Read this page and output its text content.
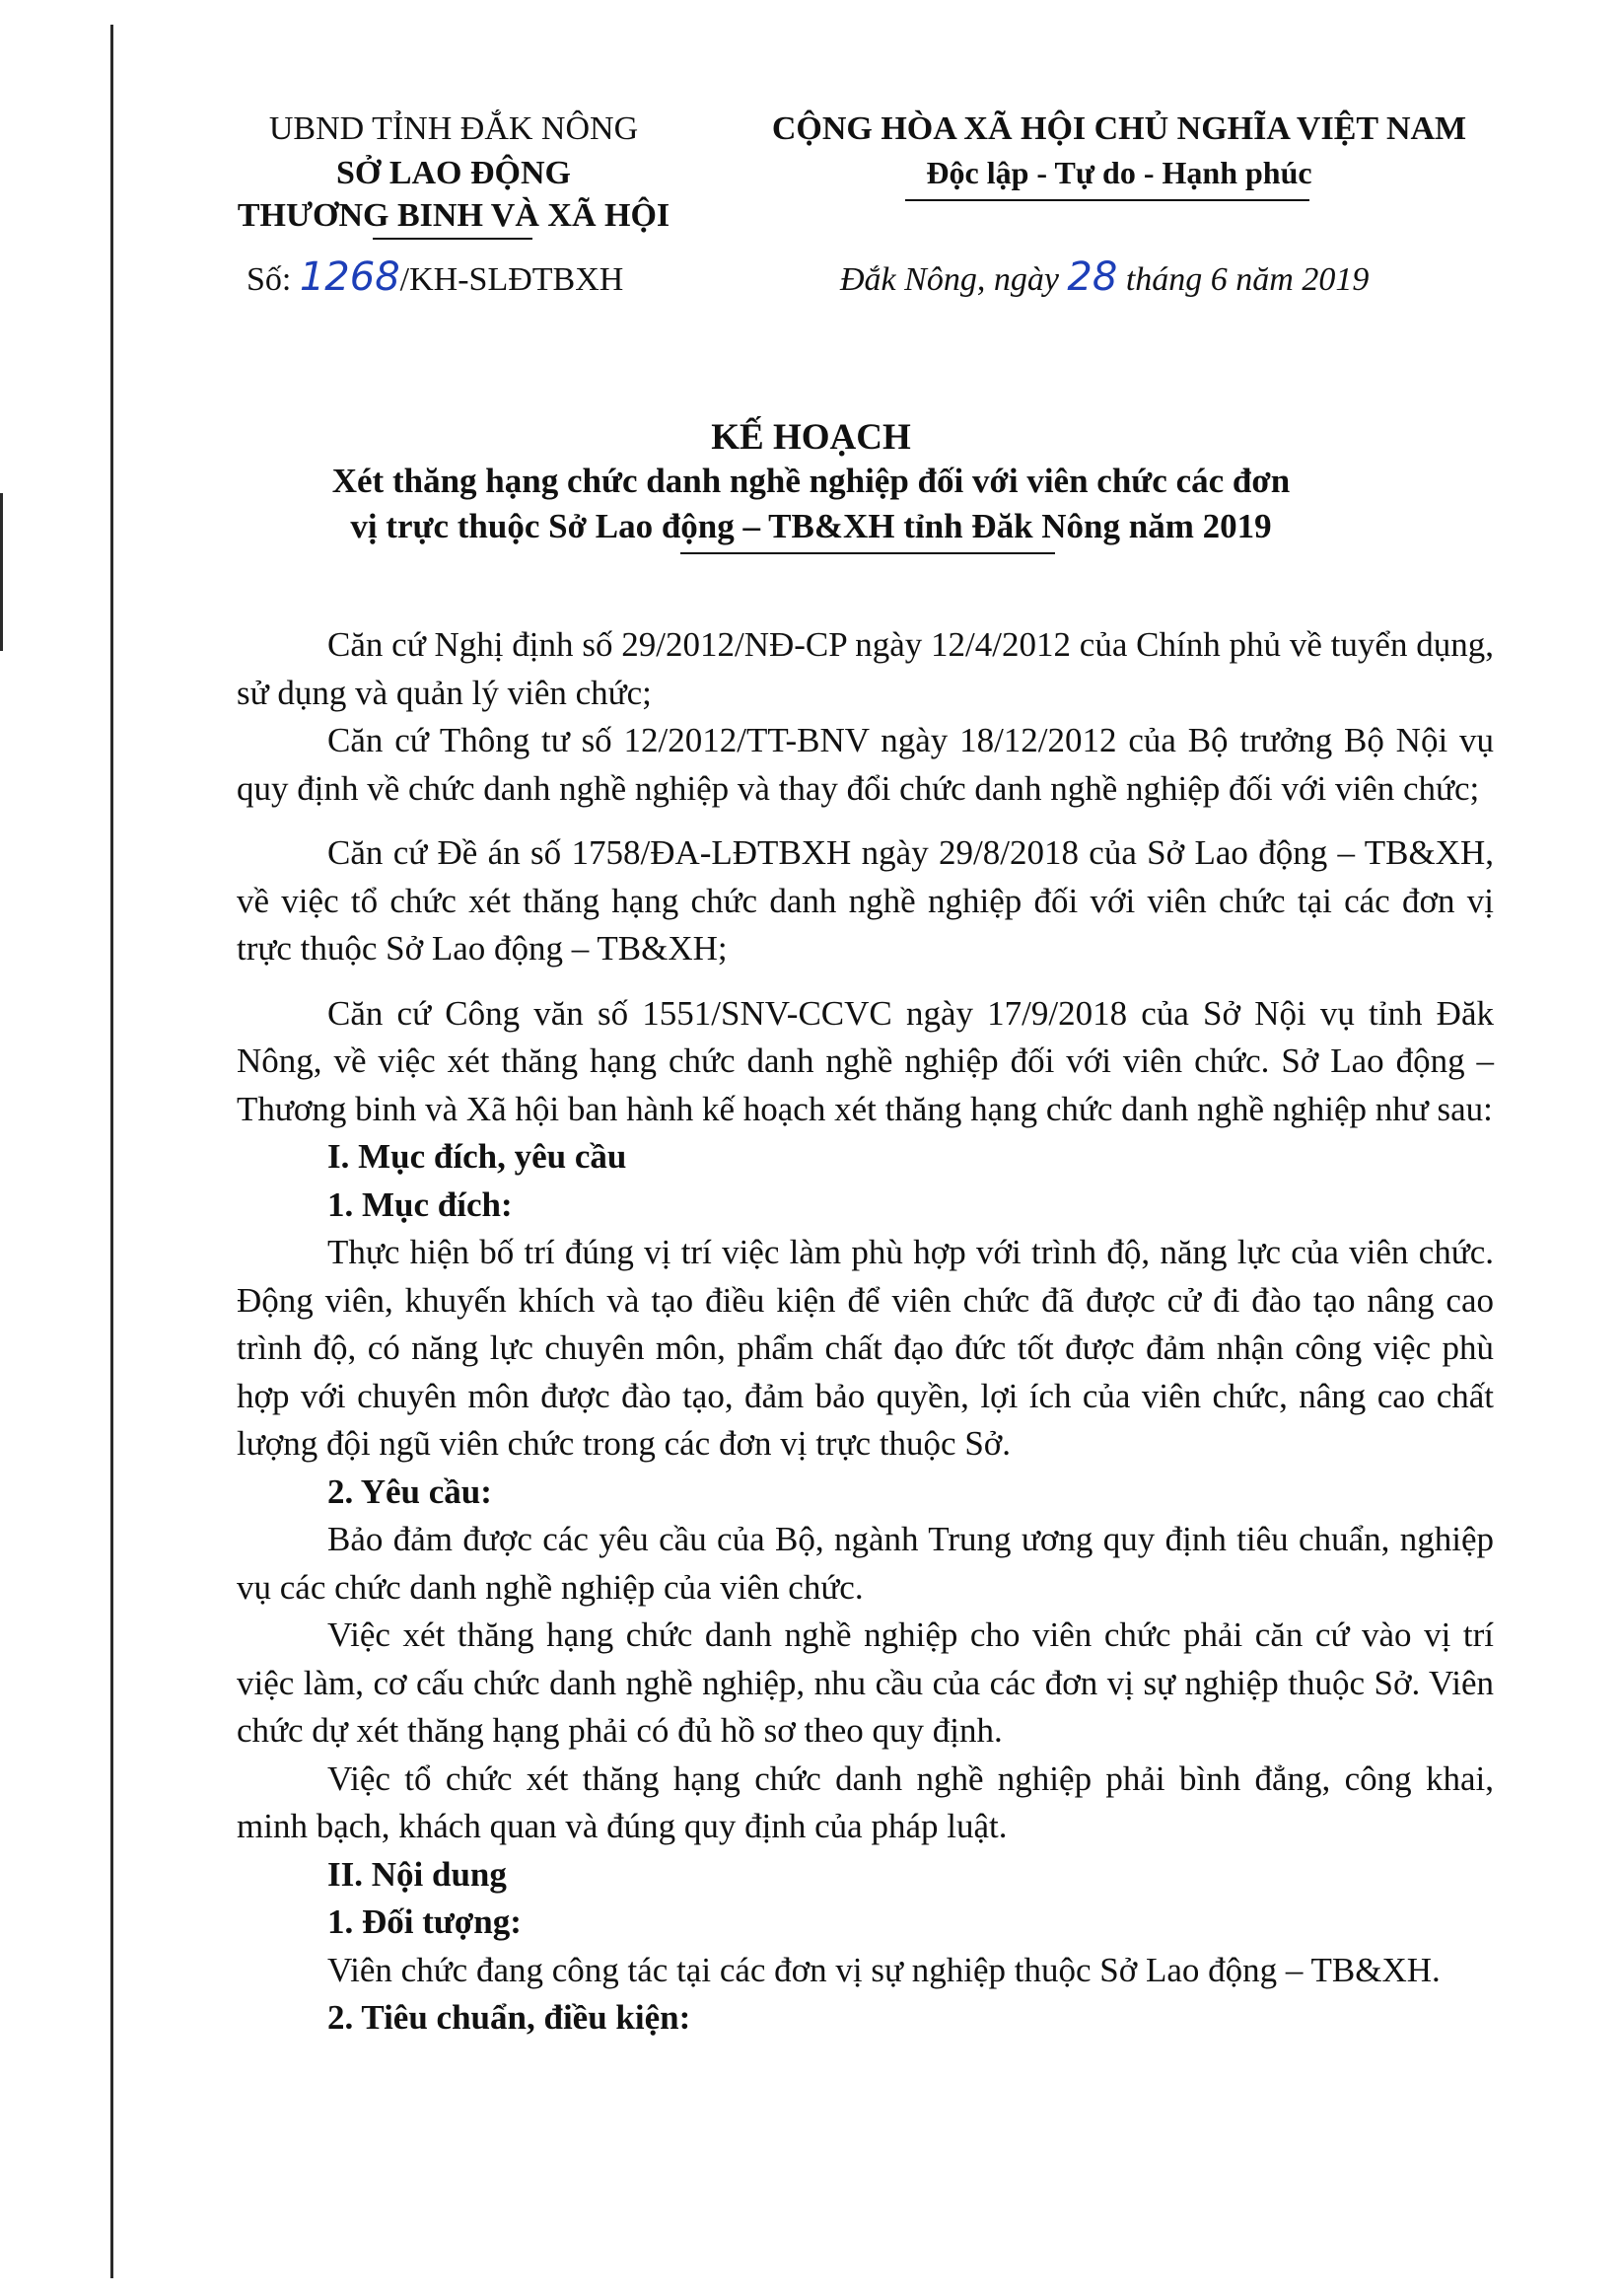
UBND TỈNH ĐẮK NÔNG
SỞ LAO ĐỘNG
THƯƠNG BINH VÀ XÃ HỘI
Số: 1268/KH-SLĐTBXH
CỘNG HÒA XÃ HỘI CHỦ NGHĨA VIỆT NAM
Độc lập - Tự do - Hạnh phúc
Đắk Nông, ngày 28 tháng 6 năm 2019
KẾ HOẠCH
Xét thăng hạng chức danh nghề nghiệp đối với viên chức các đơn
vị trực thuộc Sở Lao động – TB&XH tỉnh Đăk Nông năm 2019

Căn cứ Nghị định số 29/2012/NĐ-CP ngày 12/4/2012 của Chính phủ về tuyển dụng, sử dụng và quản lý viên chức;

Căn cứ Thông tư số 12/2012/TT-BNV ngày 18/12/2012 của Bộ trưởng Bộ Nội vụ quy định về chức danh nghề nghiệp và thay đổi chức danh nghề nghiệp đối với viên chức;

Căn cứ Đề án số 1758/ĐA-LĐTBXH ngày 29/8/2018 của Sở Lao động – TB&XH, về việc tổ chức xét thăng hạng chức danh nghề nghiệp đối với viên chức tại các đơn vị trực thuộc Sở Lao động – TB&XH;

Căn cứ Công văn số 1551/SNV-CCVC ngày 17/9/2018 của Sở Nội vụ tỉnh Đăk Nông, về việc xét thăng hạng chức danh nghề nghiệp đối với viên chức. Sở Lao động – Thương binh và Xã hội ban hành kế hoạch xét thăng hạng chức danh nghề nghiệp như sau:

I. Mục đích, yêu cầu

1. Mục đích:

Thực hiện bố trí đúng vị trí việc làm phù hợp với trình độ, năng lực của viên chức. Động viên, khuyến khích và tạo điều kiện để viên chức đã được cử đi đào tạo nâng cao trình độ, có năng lực chuyên môn, phẩm chất đạo đức tốt được đảm nhận công việc phù hợp với chuyên môn được đào tạo, đảm bảo quyền, lợi ích của viên chức, nâng cao chất lượng đội ngũ viên chức trong các đơn vị trực thuộc Sở.

2. Yêu cầu:

Bảo đảm được các yêu cầu của Bộ, ngành Trung ương quy định tiêu chuẩn, nghiệp vụ các chức danh nghề nghiệp của viên chức.

Việc xét thăng hạng chức danh nghề nghiệp cho viên chức phải căn cứ vào vị trí việc làm, cơ cấu chức danh nghề nghiệp, nhu cầu của các đơn vị sự nghiệp thuộc Sở. Viên chức dự xét thăng hạng phải có đủ hồ sơ theo quy định.

Việc tổ chức xét thăng hạng chức danh nghề nghiệp phải bình đẳng, công khai, minh bạch, khách quan và đúng quy định của pháp luật.

II. Nội dung

1. Đối tượng:

Viên chức đang công tác tại các đơn vị sự nghiệp thuộc Sở Lao động – TB&XH.

2. Tiêu chuẩn, điều kiện:
